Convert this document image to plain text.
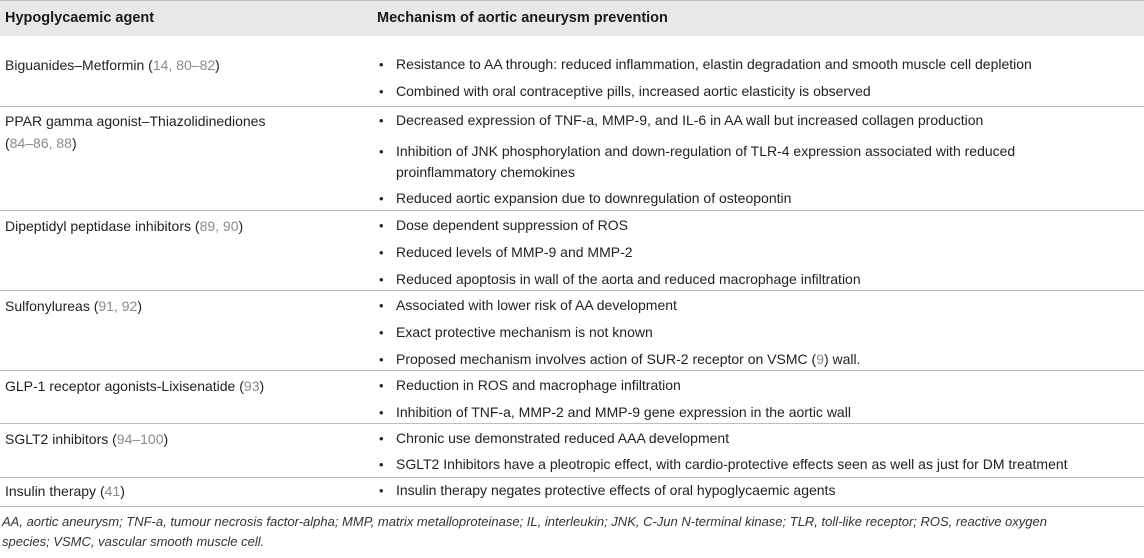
Hypoglycaemic agent	Mechanism of aortic aneurysm prevention
Biguanides–Metformin (14, 80–82)	• Resistance to AA through: reduced inflammation, elastin degradation and smooth muscle cell depletion
• Combined with oral contraceptive pills, increased aortic elasticity is observed
PPAR gamma agonist–Thiazolidinediones
(84–86, 88)
• Decreased expression of TNF-a, MMP-9, and IL-6 in AA wall but increased collagen production
• Inhibition of JNK phosphorylation and down-regulation of TLR-4 expression associated with reduced
proinflammatory chemokines
• Reduced aortic expansion due to downregulation of osteopontin
Dipeptidyl peptidase inhibitors (89, 90)	• Dose dependent suppression of ROS
• Reduced levels of MMP-9 and MMP-2
• Reduced apoptosis in wall of the aorta and reduced macrophage infiltration
Sulfonylureas (91, 92)	• Associated with lower risk of AA development
• Exact protective mechanism is not known
• Proposed mechanism involves action of SUR-2 receptor on VSMC (9) wall.
GLP-1 receptor agonists-Lixisenatide (93)	• Reduction in ROS and macrophage infiltration
• Inhibition of TNF-a, MMP-2 and MMP-9 gene expression in the aortic wall
SGLT2 inhibitors (94–100)	• Chronic use demonstrated reduced AAA development
• SGLT2 Inhibitors have a pleotropic effect, with cardio-protective effects seen as well as just for DM treatment
Insulin therapy (41)	• Insulin therapy negates protective effects of oral hypoglycaemic agents
AA, aortic aneurysm; TNF-a, tumour necrosis factor-alpha; MMP, matrix metalloproteinase; IL, interleukin; JNK, C-Jun N-terminal kinase; TLR, toll-like receptor; ROS, reactive oxygen
species; VSMC, vascular smooth muscle cell.
